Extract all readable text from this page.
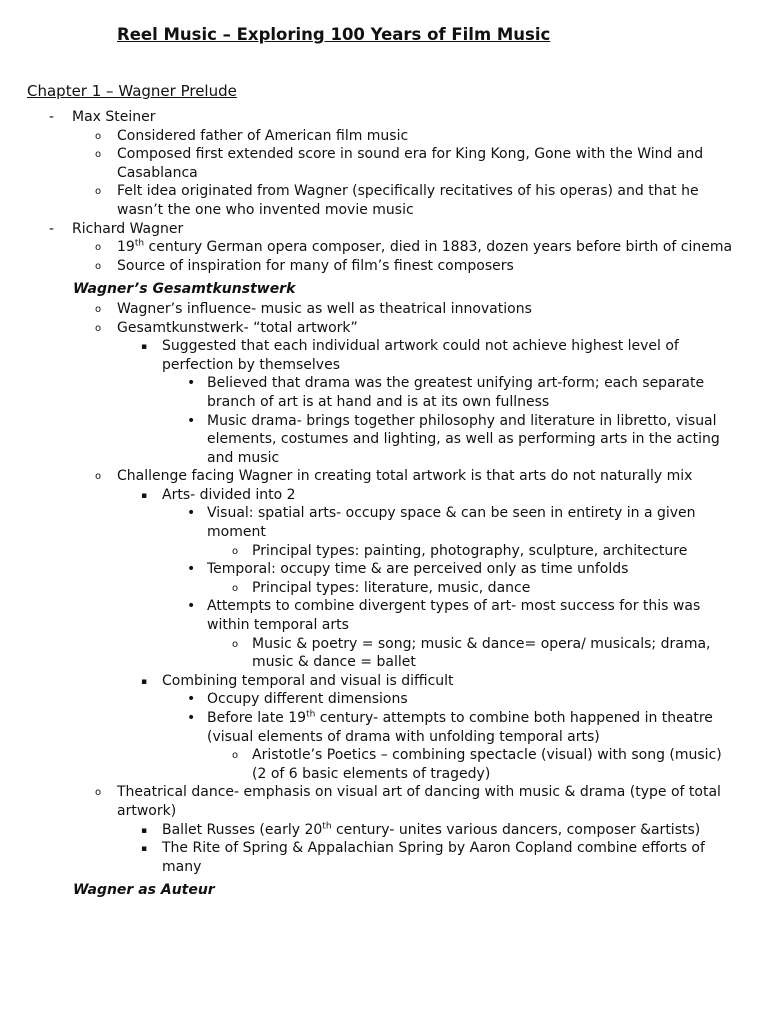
Reel Music – Exploring 100 Years of Film Music
Chapter 1 – Wagner Prelude
- Max Steiner
o Considered father of American film music
o Composed first extended score in sound era for King Kong, Gone with the Wind and Casablanca
o Felt idea originated from Wagner (specifically recitatives of his operas) and that he wasn’t the one who invented movie music
- Richard Wagner
o 19th century German opera composer, died in 1883, dozen years before birth of cinema
o Source of inspiration for many of film’s finest composers
Wagner’s Gesamtkunstwerk
o Wagner’s influence- music as well as theatrical innovations
o Gesamtkunstwerk- “total artwork”
▪ Suggested that each individual artwork could not achieve highest level of perfection by themselves
• Believed that drama was the greatest unifying art-form; each separate branch of art is at hand and is at its own fullness
• Music drama- brings together philosophy and literature in libretto, visual elements, costumes and lighting, as well as performing arts in the acting and music
o Challenge facing Wagner in creating total artwork is that arts do not naturally mix
▪ Arts- divided into 2
• Visual: spatial arts- occupy space & can be seen in entirety in a given moment
o Principal types: painting, photography, sculpture, architecture
• Temporal: occupy time & are perceived only as time unfolds
o Principal types: literature, music, dance
• Attempts to combine divergent types of art- most success for this was within temporal arts
o Music & poetry = song; music & dance= opera/ musicals; drama, music & dance = ballet
▪ Combining temporal and visual is difficult
• Occupy different dimensions
• Before late 19th century- attempts to combine both happened in theatre (visual elements of drama with unfolding temporal arts)
o Aristotle’s Poetics – combining spectacle (visual) with song (music) (2 of 6 basic elements of tragedy)
o Theatrical dance- emphasis on visual art of dancing with music & drama (type of total artwork)
▪ Ballet Russes (early 20th century- unites various dancers, composer &artists)
▪ The Rite of Spring & Appalachian Spring by Aaron Copland combine efforts of many
Wagner as Auteur
